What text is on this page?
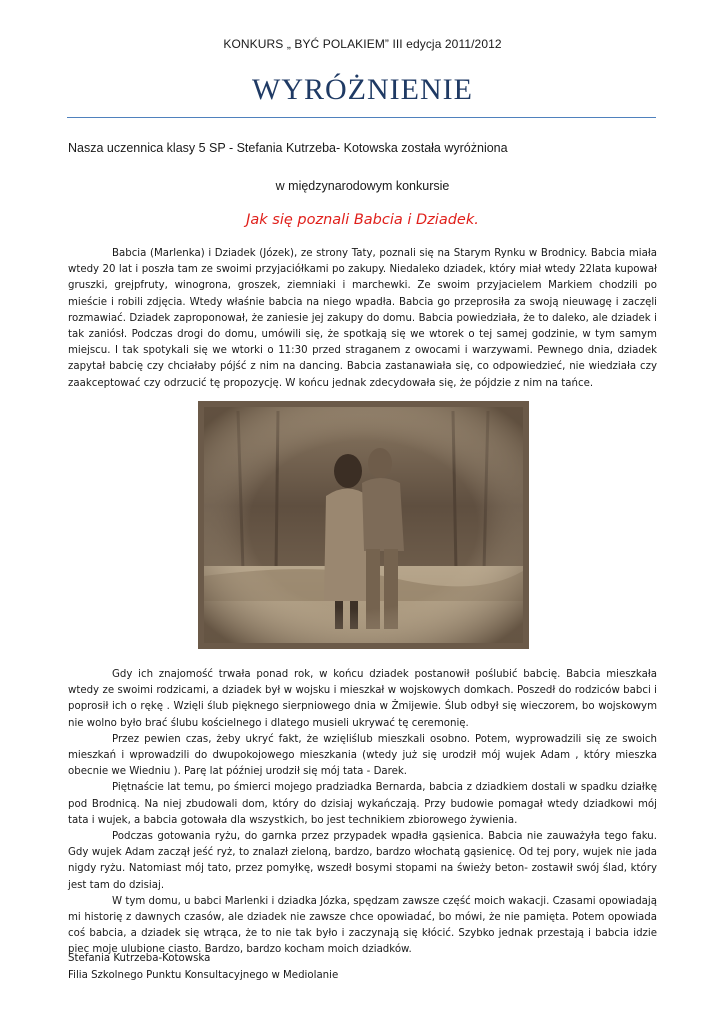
KONKURS „ BYĆ POLAKIEM” III edycja 2011/2012
WYRÓŻNIENIE
Nasza uczennica klasy 5 SP - Stefania Kutrzeba- Kotowska została wyróżniona
w międzynarodowym konkursie
Jak się poznali Babcia i Dziadek.

Babcia (Marlenka) i Dziadek (Józek), ze strony Taty, poznali się na Starym Rynku w Brodnicy. Babcia miała wtedy 20 lat i poszła tam ze swoimi przyjaciółkami po zakupy. Niedaleko dziadek, który miał wtedy 22lata kupował gruszki, grejpfruty, winogrona, groszek, ziemniaki i marchewki. Ze swoim przyjacielem Markiem chodzili po mieście i robili zdjęcia. Wtedy właśnie babcia na niego wpadła. Babcia go przeprosiła za swoją nieuwagę i zaczęli rozmawiać. Dziadek zaproponował, że zaniesie jej zakupy do domu. Babcia powiedziała, że to daleko, ale dziadek i tak zaniósł. Podczas drogi do domu, umówili się, że spotkają się we wtorek o tej samej godzinie, w tym samym miejscu. I tak spotykali się we wtorki o 11:30 przed straganem z owocami i warzywami. Pewnego dnia, dziadek zapytał babcię czy chciałaby pójść z nim na dancing. Babcia zastanawiała się, co odpowiedzieć, nie wiedziała czy zaakceptować czy odrzucić tę propozycję. W końcu jednak zdecydowała się, że pójdzie z nim na tańce.

Gdy ich znajomość trwała ponad rok, w końcu dziadek postanowił poślubić babcię. Babcia mieszkała wtedy ze swoimi rodzicami, a dziadek był w wojsku i mieszkał w wojskowych domkach. Poszedł do rodziców babci i poprosił ich o rękę . Wzięli ślub pięknego sierpniowego dnia w Żmijewie. Ślub odbył się wieczorem, bo wojskowym nie wolno było brać ślubu kościelnego i dlatego musieli ukrywać tę ceremonię.

Przez pewien czas, żeby ukryć fakt, że wzięliślub mieszkali osobno. Potem, wyprowadzili się ze swoich mieszkań i wprowadzili do dwupokojowego mieszkania (wtedy już się urodził mój wujek Adam , który mieszka obecnie we Wiedniu ). Parę lat później urodził się mój tata - Darek.

Piętnaście lat temu, po śmierci mojego pradziadka Bernarda, babcia z dziadkiem dostali w spadku działkę pod Brodnicą. Na niej zbudowali dom, który do dzisiaj wykańczają. Przy budowie pomagał wtedy dziadkowi mój tata i wujek, a babcia gotowała dla wszystkich, bo jest technikiem zbiorowego żywienia.

Podczas gotowania ryżu, do garnka przez przypadek wpadła gąsienica. Babcia nie zauważyła tego faku. Gdy wujek Adam zaczął jeść ryż, to znalazł zieloną, bardzo, bardzo włochatą gąsienicę. Od tej pory, wujek nie jada nigdy ryżu. Natomiast mój tato, przez pomyłkę, wszedł bosymi stopami na świeży beton- zostawił swój ślad, który jest tam do dzisiaj.

W tym domu, u babci Marlenki i dziadka Józka, spędzam zawsze część moich wakacji. Czasami opowiadają mi historię z dawnych czasów, ale dziadek nie zawsze chce opowiadać, bo mówi, że nie pamięta. Potem opowiada coś babcia, a dziadek się wtrąca, że to nie tak było i zaczynają się kłócić. Szybko jednak przestają i babcia idzie piec moje ulubione ciasto. Bardzo, bardzo kocham moich dziadków.

Stefania Kutrzeba-Kotowska
Filia Szkolnego Punktu Konsultacyjnego w Mediolanie
